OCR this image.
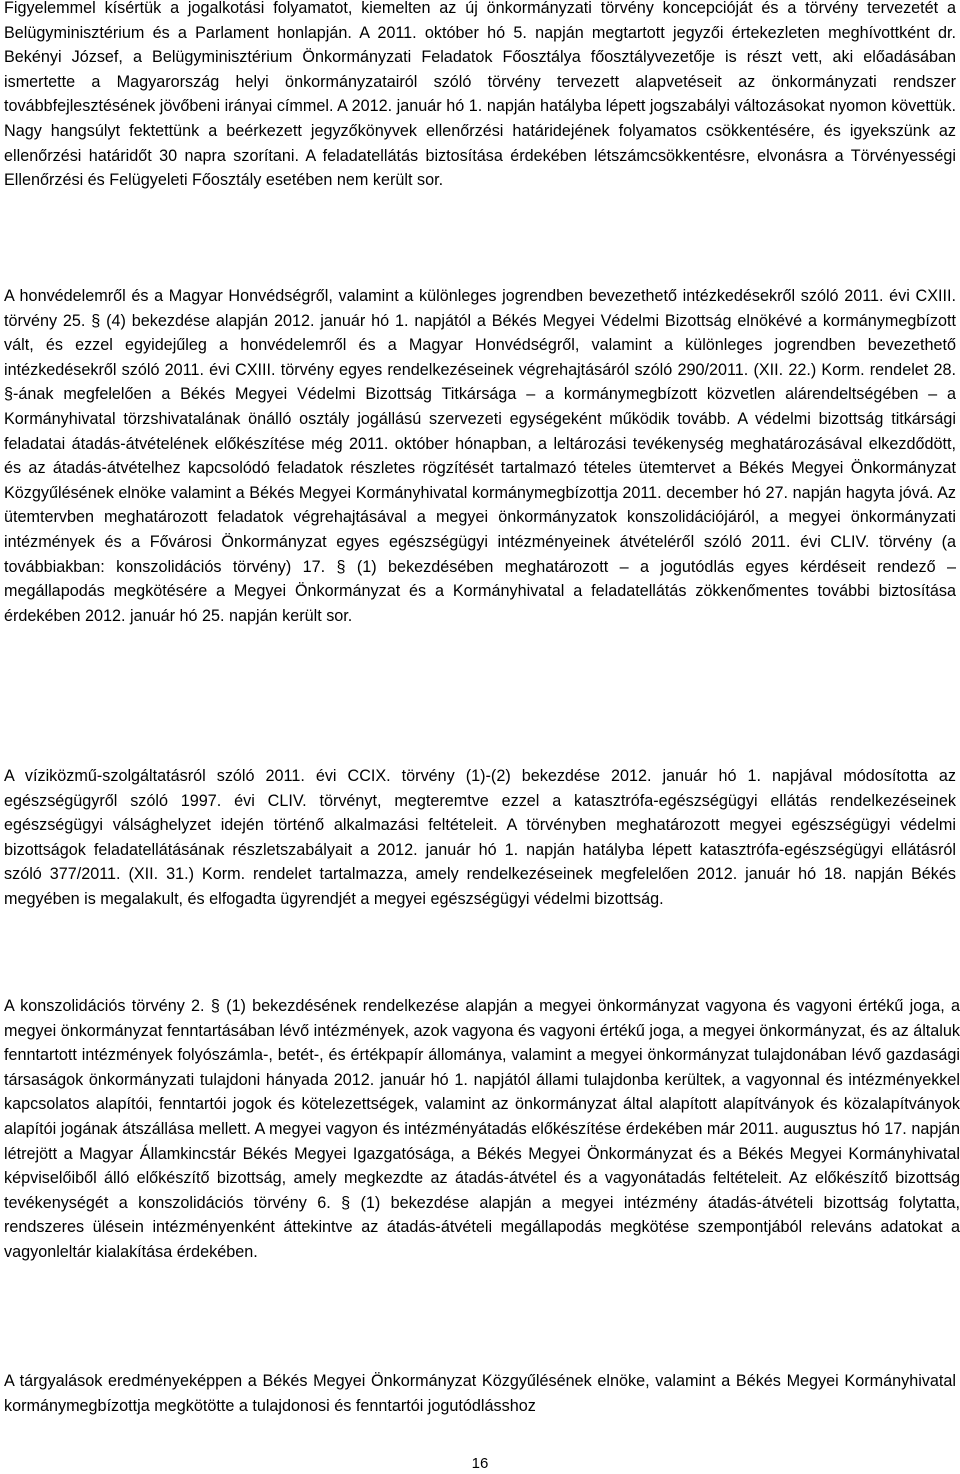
Figyelemmel kísértük a jogalkotási folyamatot, kiemelten az új önkormányzati törvény koncepcióját és a törvény tervezetét a Belügyminisztérium és a Parlament honlapján. A 2011. október hó 5. napján megtartott jegyzői értekezleten meghívottként dr. Bekényi József, a Belügyminisztérium Önkormányzati Feladatok Főosztálya főosztályvezetője is részt vett, aki előadásában ismertette a Magyarország helyi önkormányzatairól szóló törvény tervezett alapvetéseit az önkormányzati rendszer továbbfejlesztésének jövőbeni irányai címmel. A 2012. január hó 1. napján hatályba lépett jogszabályi változásokat nyomon követtük. Nagy hangsúlyt fektettünk a beérkezett jegyzőkönyvek ellenőrzési határidejének folyamatos csökkentésére, és igyekszünk az ellenőrzési határidőt 30 napra szorítani. A feladatellátás biztosítása érdekében létszámcsökkentésre, elvonásra a Törvényességi Ellenőrzési és Felügyeleti Főosztály esetében nem került sor.

A honvédelemről és a Magyar Honvédségről, valamint a különleges jogrendben bevezethető intézkedésekről szóló 2011. évi CXIII. törvény 25. § (4) bekezdése alapján 2012. január hó 1. napjától a Békés Megyei Védelmi Bizottság elnökévé a kormánymegbízott vált, és ezzel egyidejűleg a honvédelemről és a Magyar Honvédségről, valamint a különleges jogrendben bevezethető intézkedésekről szóló 2011. évi CXIII. törvény egyes rendelkezéseinek végrehajtásáról szóló 290/2011. (XII. 22.) Korm. rendelet 28. §-ának megfelelően a Békés Megyei Védelmi Bizottság Titkársága – a kormánymegbízott közvetlen alárendeltségében – a Kormányhivatal törzshivatalának önálló osztály jogállású szervezeti egységeként működik tovább. A védelmi bizottság titkársági feladatai átadás-átvételének előkészítése még 2011. október hónapban, a leltározási tevékenység meghatározásával elkezdődött, és az átadás-átvételhez kapcsolódó feladatok részletes rögzítését tartalmazó tételes ütemtervet a Békés Megyei Önkormányzat Közgyűlésének elnöke valamint a Békés Megyei Kormányhivatal kormánymegbízottja 2011. december hó 27. napján hagyta jóvá. Az ütemtervben meghatározott feladatok végrehajtásával a megyei önkormányzatok konszolidációjáról, a megyei önkormányzati intézmények és a Fővárosi Önkormányzat egyes egészségügyi intézményeinek átvételéről szóló 2011. évi CLIV. törvény (a továbbiakban: konszolidációs törvény) 17. § (1) bekezdésében meghatározott – a jogutódlás egyes kérdéseit rendező – megállapodás megkötésére a Megyei Önkormányzat és a Kormányhivatal a feladatellátás zökkenőmentes további biztosítása érdekében 2012. január hó 25. napján került sor.

A víziközmű-szolgáltatásról szóló 2011. évi CCIX. törvény (1)-(2) bekezdése 2012. január hó 1. napjával módosította az egészségügyről szóló 1997. évi CLIV. törvényt, megteremtve ezzel a katasztrófa-egészségügyi ellátás rendelkezéseinek egészségügyi válsághelyzet idején történő alkalmazási feltételeit. A törvényben meghatározott megyei egészségügyi védelmi bizottságok feladatellátásának részletszabályait a 2012. január hó 1. napján hatályba lépett katasztrófa-egészségügyi ellátásról szóló 377/2011. (XII. 31.) Korm. rendelet tartalmazza, amely rendelkezéseinek megfelelően 2012. január hó 18. napján Békés megyében is megalakult, és elfogadta ügyrendjét a megyei egészségügyi védelmi bizottság.

A konszolidációs törvény 2. § (1) bekezdésének rendelkezése alapján a megyei önkormányzat vagyona és vagyoni értékű joga, a megyei önkormányzat fenntartásában lévő intézmények, azok vagyona és vagyoni értékű joga, a megyei önkormányzat, és az általuk fenntartott intézmények folyószámla-, betét-, és értékpapír állománya, valamint a megyei önkormányzat tulajdonában lévő gazdasági társaságok önkormányzati tulajdoni hányada 2012. január hó 1. napjától állami tulajdonba kerültek, a vagyonnal és intézményekkel kapcsolatos alapítói, fenntartói jogok és kötelezettségek, valamint az önkormányzat által alapított alapítványok és közalapítványok alapítói jogának átszállása mellett. A megyei vagyon és intézményátadás előkészítése érdekében már 2011. augusztus hó 17. napján létrejött a Magyar Államkincstár Békés Megyei Igazgatósága, a Békés Megyei Önkormányzat és a Békés Megyei Kormányhivatal képviselőiből álló előkészítő bizottság, amely megkezdte az átadás-átvétel és a vagyonátadás feltételeit. Az előkészítő bizottság tevékenységét a konszolidációs törvény 6. § (1) bekezdése alapján a megyei intézmény átadás-átvételi bizottság folytatta, rendszeres ülésein intézményenként áttekintve az átadás-átvételi megállapodás megkötése szempontjából releváns adatokat a vagyonleltár kialakítása érdekében.

A tárgyalások eredményeképpen a Békés Megyei Önkormányzat Közgyűlésének elnöke, valamint a Békés Megyei Kormányhivatal kormánymegbízottja megkötötte a tulajdonosi és fenntartói jogutódlásshoz

16
